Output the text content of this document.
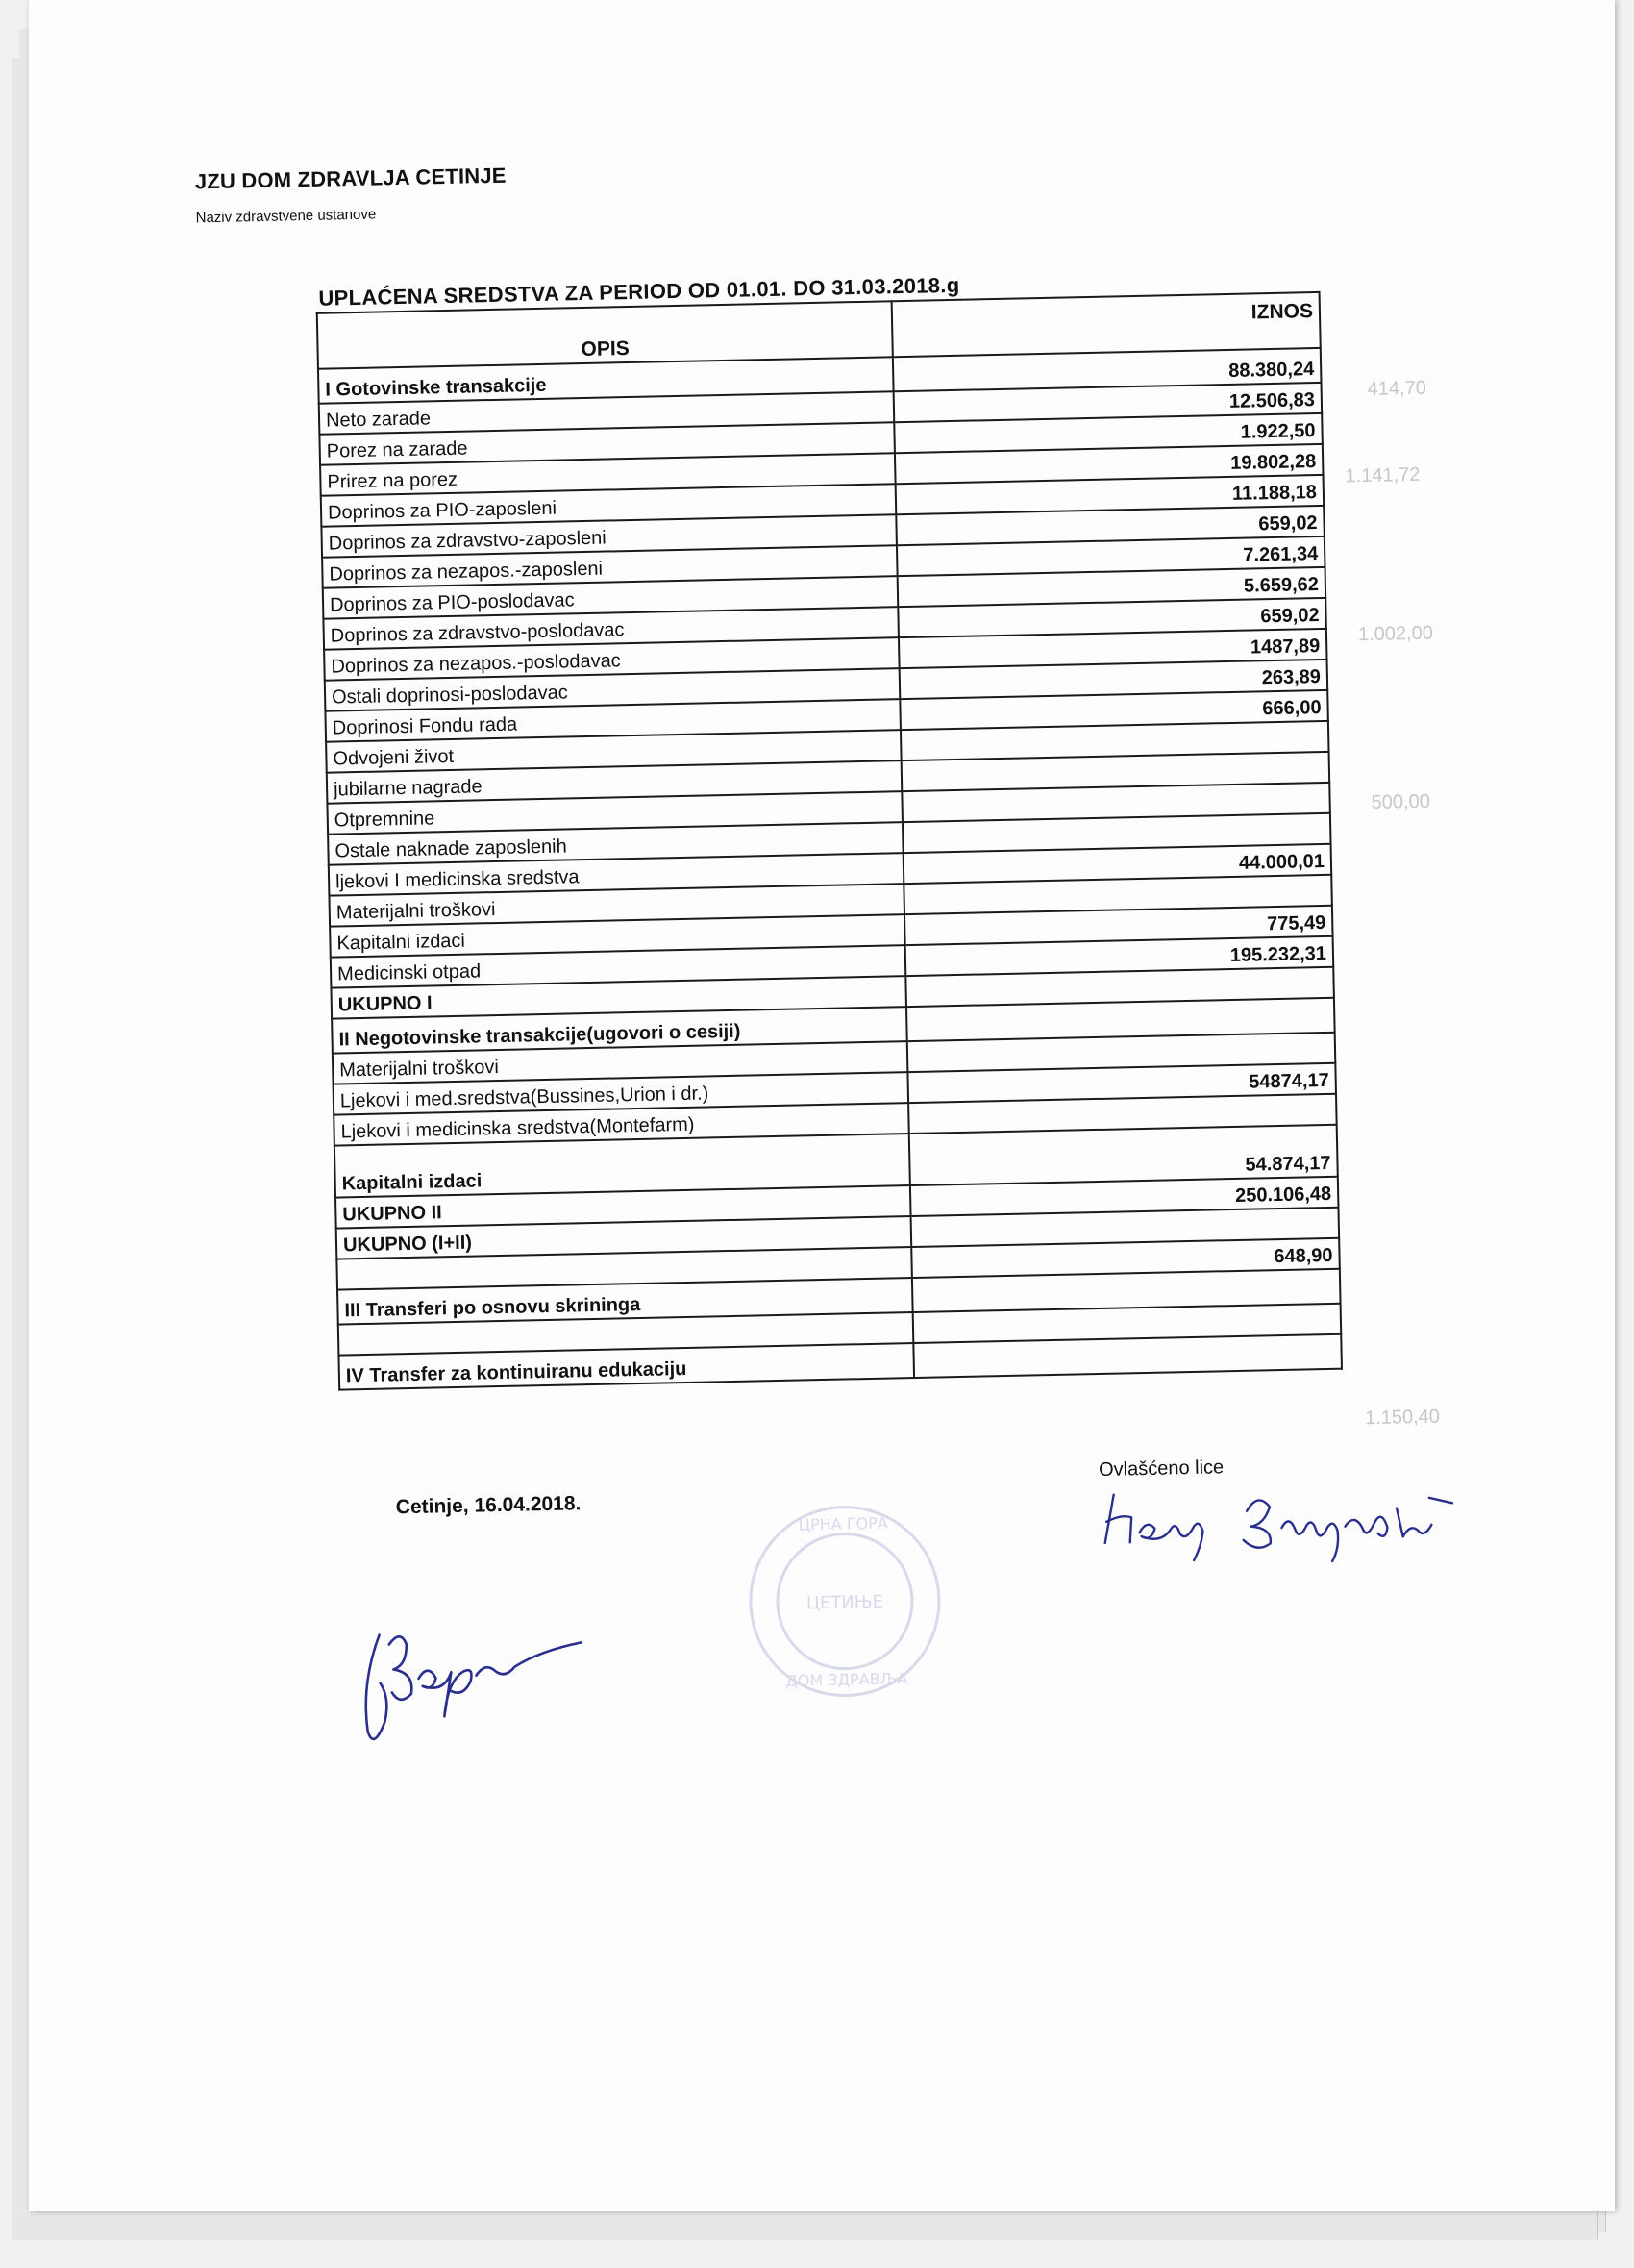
414,70
1.141,72
1.002,00
500,00
1.150,40
JZU DOM ZDRAVLJA CETINJE
Naziv zdravstvene ustanove
UPLAĆENA SREDSTVA ZA PERIOD OD 01.01. DO 31.03.2018.g
OPIS	IZNOS
I Gotovinske transakcije	88.380,24
Neto zarade	12.506,83
Porez na zarade	1.922,50
Prirez na porez	19.802,28
Doprinos za PIO-zaposleni	11.188,18
Doprinos za zdravstvo-zaposleni	659,02
Doprinos za nezapos.-zaposleni	7.261,34
Doprinos za PIO-poslodavac	5.659,62
Doprinos za zdravstvo-poslodavac	659,02
Doprinos za nezapos.-poslodavac	1487,89
Ostali doprinosi-poslodavac	263,89
Doprinosi Fondu rada	666,00
Odvojeni život	
jubilarne nagrade	
Otpremnine	
Ostale naknade zaposlenih	
ljekovi I medicinska sredstva	44.000,01
Materijalni troškovi	
Kapitalni izdaci	775,49
Medicinski otpad	195.232,31
UKUPNO I	
II Negotovinske transakcije(ugovori o cesiji)	
Materijalni troškovi	
Ljekovi i med.sredstva(Bussines,Urion i dr.)	54874,17
Ljekovi i medicinska sredstva(Montefarm)	
Kapitalni izdaci	54.874,17
UKUPNO II	250.106,48
UKUPNO (I+II)	
	648,90
III Transferi po osnovu skrininga	

IV Transfer za kontinuiranu edukaciju	
Cetinje, 16.04.2018.
Ovlašćeno lice
ЦРНА ГОРА
ЦЕТИЊЕ
ДОМ ЗДРАВЉА
